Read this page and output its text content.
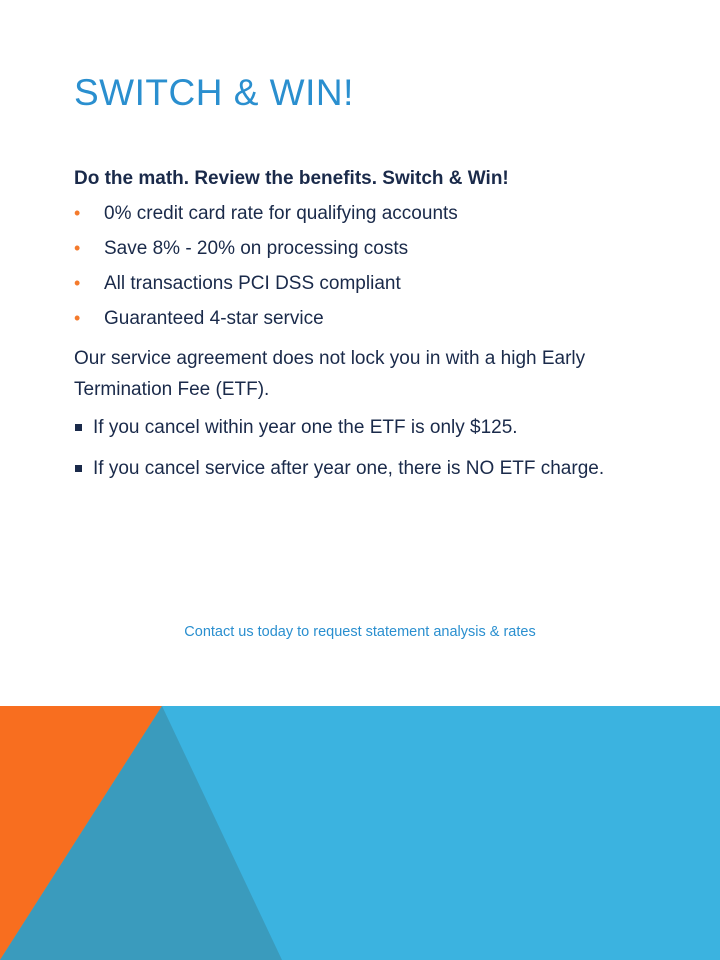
SWITCH & WIN!

Do the math. Review the benefits. Switch & Win!

• 0% credit card rate for qualifying accounts
• Save 8% - 20% on processing costs
• All transactions PCI DSS compliant
• Guaranteed 4-star service

Our service agreement does not lock you in with a high Early Termination Fee (ETF).

If you cancel within year one the ETF is only $125.
If you cancel service after year one, there is NO ETF charge.

Contact us today to request statement analysis & rates
